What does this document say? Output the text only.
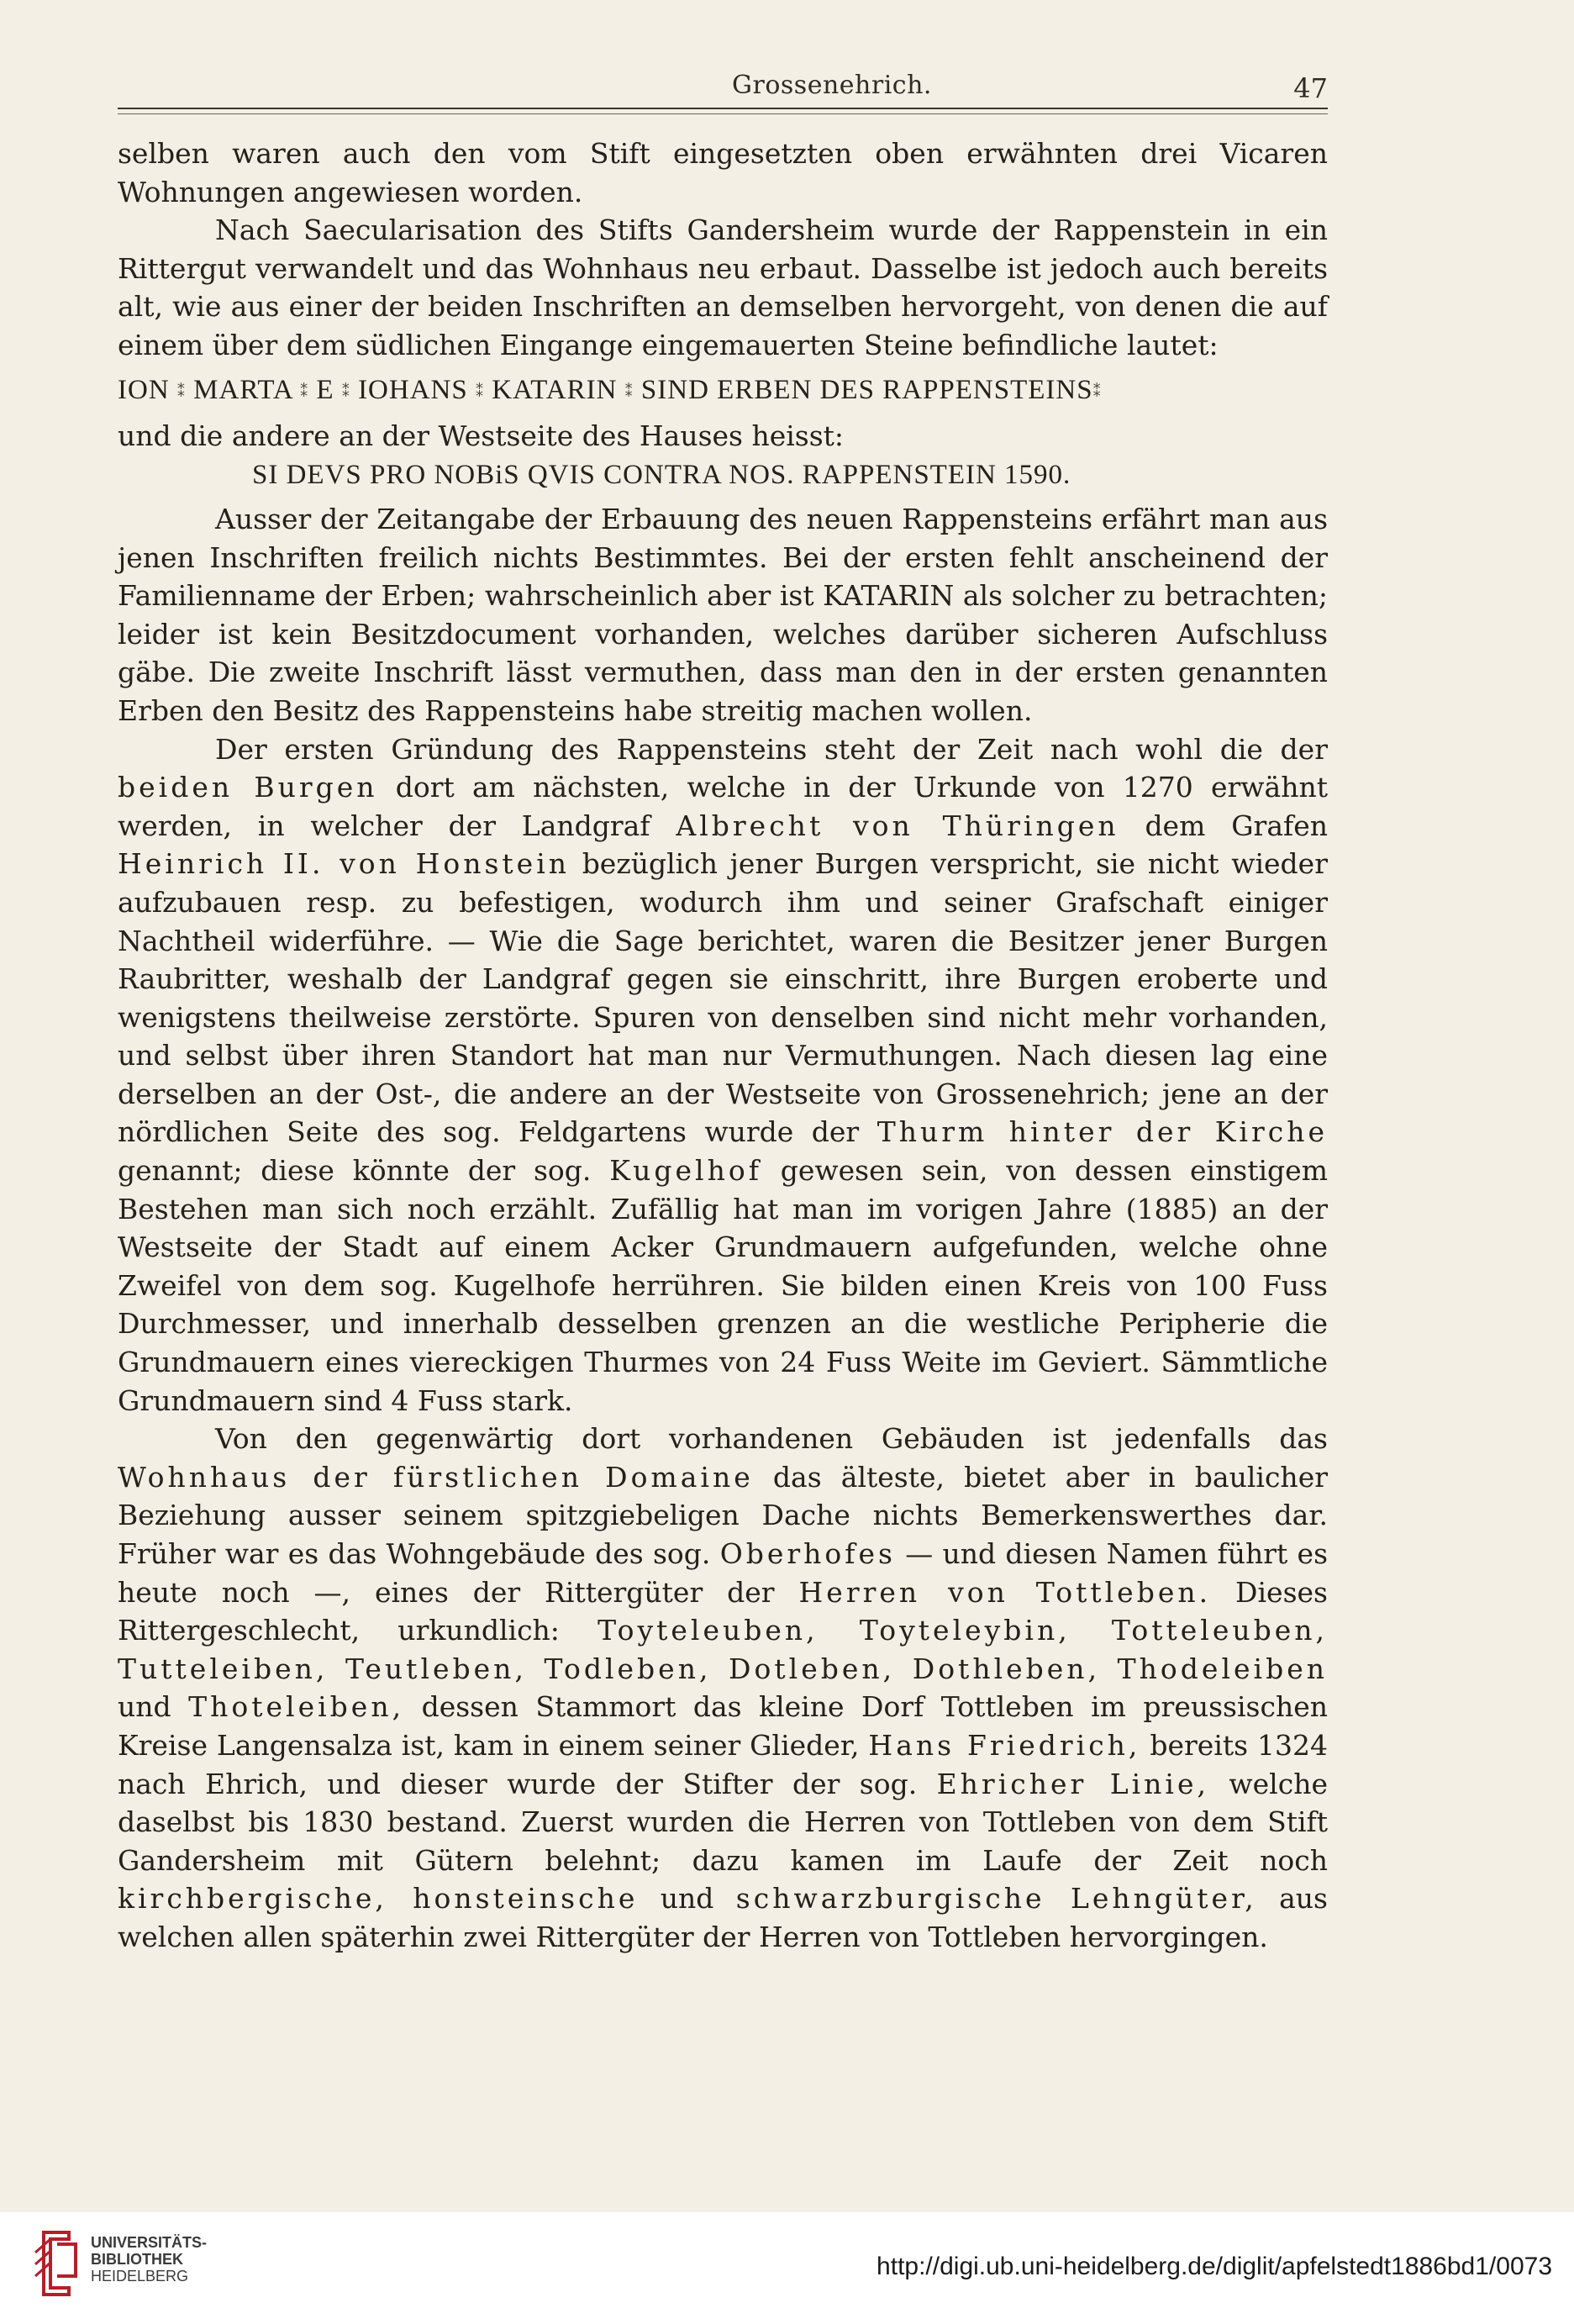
Grossenehrich.	47

selben waren auch den vom Stift eingesetzten oben erwähnten drei Vicaren Wohnungen angewiesen worden.

Nach Saecularisation des Stifts Gandersheim wurde der Rappenstein in ein Rittergut verwandelt und das Wohnhaus neu erbaut. Dasselbe ist jedoch auch bereits alt, wie aus einer der beiden Inschriften an demselben hervorgeht, von denen die auf einem über dem südlichen Eingange eingemauerten Steine befindliche lautet:

ION ⁑ MARTA ⁑ E ⁑ IOHANS ⁑ KATARIN ⁑ SIND ERBEN DES RAPPENSTEINS⁑

und die andere an der Westseite des Hauses heisst:

SI DEVS PRO NOBiS QVIS CONTRA NOS. RAPPENSTEIN 1590.

Ausser der Zeitangabe der Erbauung des neuen Rappensteins erfährt man aus jenen Inschriften freilich nichts Bestimmtes. Bei der ersten fehlt anscheinend der Familienname der Erben; wahrscheinlich aber ist KATARIN als solcher zu betrachten; leider ist kein Besitzdocument vorhanden, welches darüber sicheren Aufschluss gäbe. Die zweite Inschrift lässt vermuthen, dass man den in der ersten genannten Erben den Besitz des Rappensteins habe streitig machen wollen.

Der ersten Gründung des Rappensteins steht der Zeit nach wohl die der beiden Burgen dort am nächsten, welche in der Urkunde von 1270 erwähnt werden, in welcher der Landgraf Albrecht von Thüringen dem Grafen Heinrich II. von Honstein bezüglich jener Burgen verspricht, sie nicht wieder aufzubauen resp. zu befestigen, wodurch ihm und seiner Grafschaft einiger Nachtheil widerführe. — Wie die Sage berichtet, waren die Besitzer jener Burgen Raubritter, weshalb der Landgraf gegen sie einschritt, ihre Burgen eroberte und wenigstens theilweise zerstörte. Spuren von denselben sind nicht mehr vorhanden, und selbst über ihren Standort hat man nur Vermuthungen. Nach diesen lag eine derselben an der Ost-, die andere an der Westseite von Grossenehrich; jene an der nördlichen Seite des sog. Feldgartens wurde der Thurm hinter der Kirche genannt; diese könnte der sog. Kugelhof gewesen sein, von dessen einstigem Bestehen man sich noch erzählt. Zufällig hat man im vorigen Jahre (1885) an der Westseite der Stadt auf einem Acker Grundmauern aufgefunden, welche ohne Zweifel von dem sog. Kugelhofe herrühren. Sie bilden einen Kreis von 100 Fuss Durchmesser, und innerhalb desselben grenzen an die westliche Peripherie die Grundmauern eines viereckigen Thurmes von 24 Fuss Weite im Geviert. Sämmtliche Grundmauern sind 4 Fuss stark.

Von den gegenwärtig dort vorhandenen Gebäuden ist jedenfalls das Wohnhaus der fürstlichen Domaine das älteste, bietet aber in baulicher Beziehung ausser seinem spitzgiebeligen Dache nichts Bemerkenswerthes dar. Früher war es das Wohngebäude des sog. Oberhofes — und diesen Namen führt es heute noch —, eines der Rittergüter der Herren von Tottleben. Dieses Rittergeschlecht, urkundlich: Toyteleuben, Toyteleybin, Totteleuben, Tutteleiben, Teutleben, Todleben, Dotleben, Dothleben, Thodeleiben und Thoteleiben, dessen Stammort das kleine Dorf Tottleben im preussischen Kreise Langensalza ist, kam in einem seiner Glieder, Hans Friedrich, bereits 1324 nach Ehrich, und dieser wurde der Stifter der sog. Ehricher Linie, welche daselbst bis 1830 bestand. Zuerst wurden die Herren von Tottleben von dem Stift Gandersheim mit Gütern belehnt; dazu kamen im Laufe der Zeit noch kirchbergische, honsteinsche und schwarzburgische Lehngüter, aus welchen allen späterhin zwei Rittergüter der Herren von Tottleben hervorgingen.

UNIVERSITÄTS-
BIBLIOTHEK
HEIDELBERG	http://digi.ub.uni-heidelberg.de/diglit/apfelstedt1886bd1/0073
